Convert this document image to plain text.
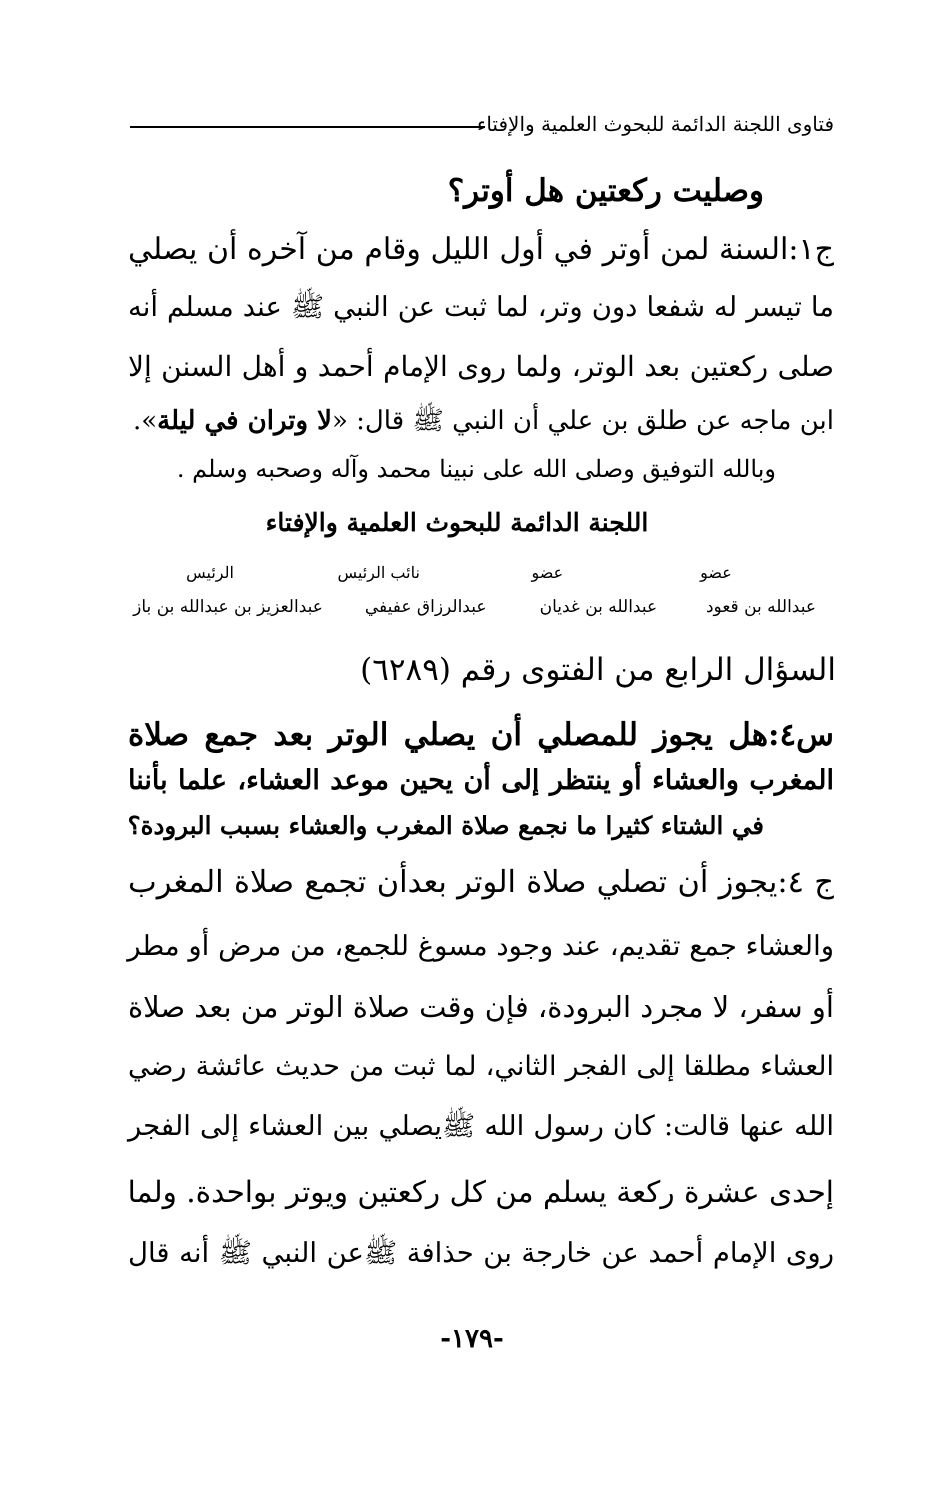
فتاوى اللجنة الدائمة للبحوث العلمية والإفتاء
وصليت ركعتين هل أوتر؟
ج١:السنة لمن أوتر في أول الليل وقام من آخره أن يصلي
ما تيسر له شفعا دون وتر، لما ثبت عن النبي ﷺ عند مسلم أنه
صلى ركعتين بعد الوتر، ولما روى الإمام أحمد و أهل السنن إلا
ابن ماجه عن طلق بن علي أن النبي ﷺ قال: «لا وتران في ليلة».
وبالله التوفيق وصلى الله على نبينا محمد وآله وصحبه وسلم .
اللجنة الدائمة للبحوث العلمية والإفتاء
عضو
عضو
نائب الرئيس
الرئيس
عبدالله بن قعود
عبدالله بن غديان
عبدالرزاق عفيفي
عبدالعزيز بن عبدالله بن باز
السؤال الرابع من الفتوى رقم (٦٢٨٩)
س٤:هل يجوز للمصلي أن يصلي الوتر بعد جمع صلاة
المغرب والعشاء أو ينتظر إلى أن يحين موعد العشاء، علما بأننا
في الشتاء كثيرا ما نجمع صلاة المغرب والعشاء بسبب البرودة؟
ج ٤:يجوز أن تصلي صلاة الوتر بعدأن تجمع صلاة المغرب
والعشاء جمع تقديم، عند وجود مسوغ للجمع، من مرض أو مطر
أو سفر، لا مجرد البرودة، فإن وقت صلاة الوتر من بعد صلاة
العشاء مطلقا إلى الفجر الثاني، لما ثبت من حديث عائشة رضي
الله عنها قالت: كان رسول الله ﷺيصلي بين العشاء إلى الفجر
إحدى عشرة ركعة يسلم من كل ركعتين ويوتر بواحدة. ولما
روى الإمام أحمد عن خارجة بن حذافة ﷺعن النبي ﷺ أنه قال
-١٧٩-
